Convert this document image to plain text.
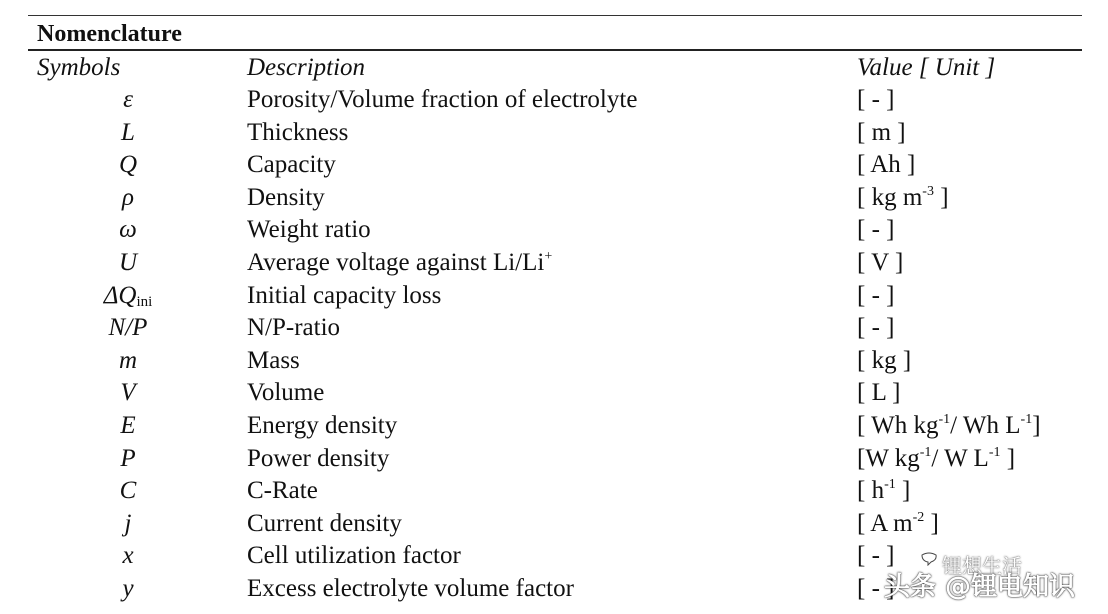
Nomenclature
Symbols	Description	Value [ Unit ]
ε	Porosity/Volume fraction of electrolyte	[ - ]
L	Thickness	[ m ]
Q	Capacity	[ Ah ]
ρ	Density	[ kg $m^{-3}$ ]
ω	Weight ratio	[ - ]
U	Average voltage against Li/Li+	[ V ]
$\Delta Q_{ini}$	Initial capacity loss	[ - ]
N/P	N/P-ratio	[ - ]
m	Mass	[ kg ]
V	Volume	[ L ]
E	Energy density	[ Wh $kg^{-1}/$ Wh $L^{-1}$]
P	Power density	[W $kg^{-1}/$ W $L^{-1}$ ]
C	C-Rate	[ $h^{-1}$ ]
j	Current density	[ A $m^{-2}$ ]
x	Cell utilization factor	[ - ]
y	Excess electrolyte volume factor	[ - ]
锂想生活
头条 @锂电知识
